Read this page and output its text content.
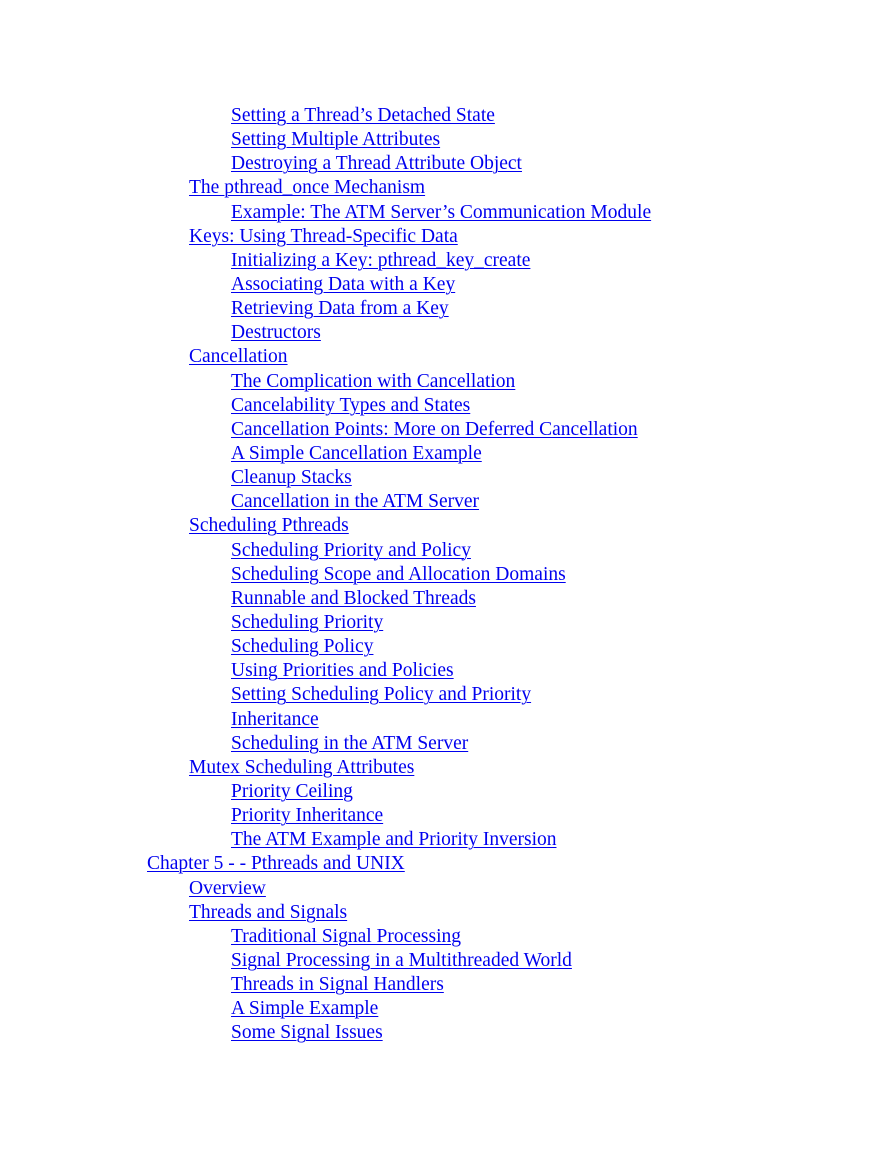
Setting a Thread’s Detached State
Setting Multiple Attributes
Destroying a Thread Attribute Object
The pthread_once Mechanism
Example: The ATM Server’s Communication Module
Keys: Using Thread-Specific Data
Initializing a Key: pthread_key_create
Associating Data with a Key
Retrieving Data from a Key
Destructors
Cancellation
The Complication with Cancellation
Cancelability Types and States
Cancellation Points: More on Deferred Cancellation
A Simple Cancellation Example
Cleanup Stacks
Cancellation in the ATM Server
Scheduling Pthreads
Scheduling Priority and Policy
Scheduling Scope and Allocation Domains
Runnable and Blocked Threads
Scheduling Priority
Scheduling Policy
Using Priorities and Policies
Setting Scheduling Policy and Priority
Inheritance
Scheduling in the ATM Server
Mutex Scheduling Attributes
Priority Ceiling
Priority Inheritance
The ATM Example and Priority Inversion
Chapter 5 - - Pthreads and UNIX
Overview
Threads and Signals
Traditional Signal Processing
Signal Processing in a Multithreaded World
Threads in Signal Handlers
A Simple Example
Some Signal Issues
